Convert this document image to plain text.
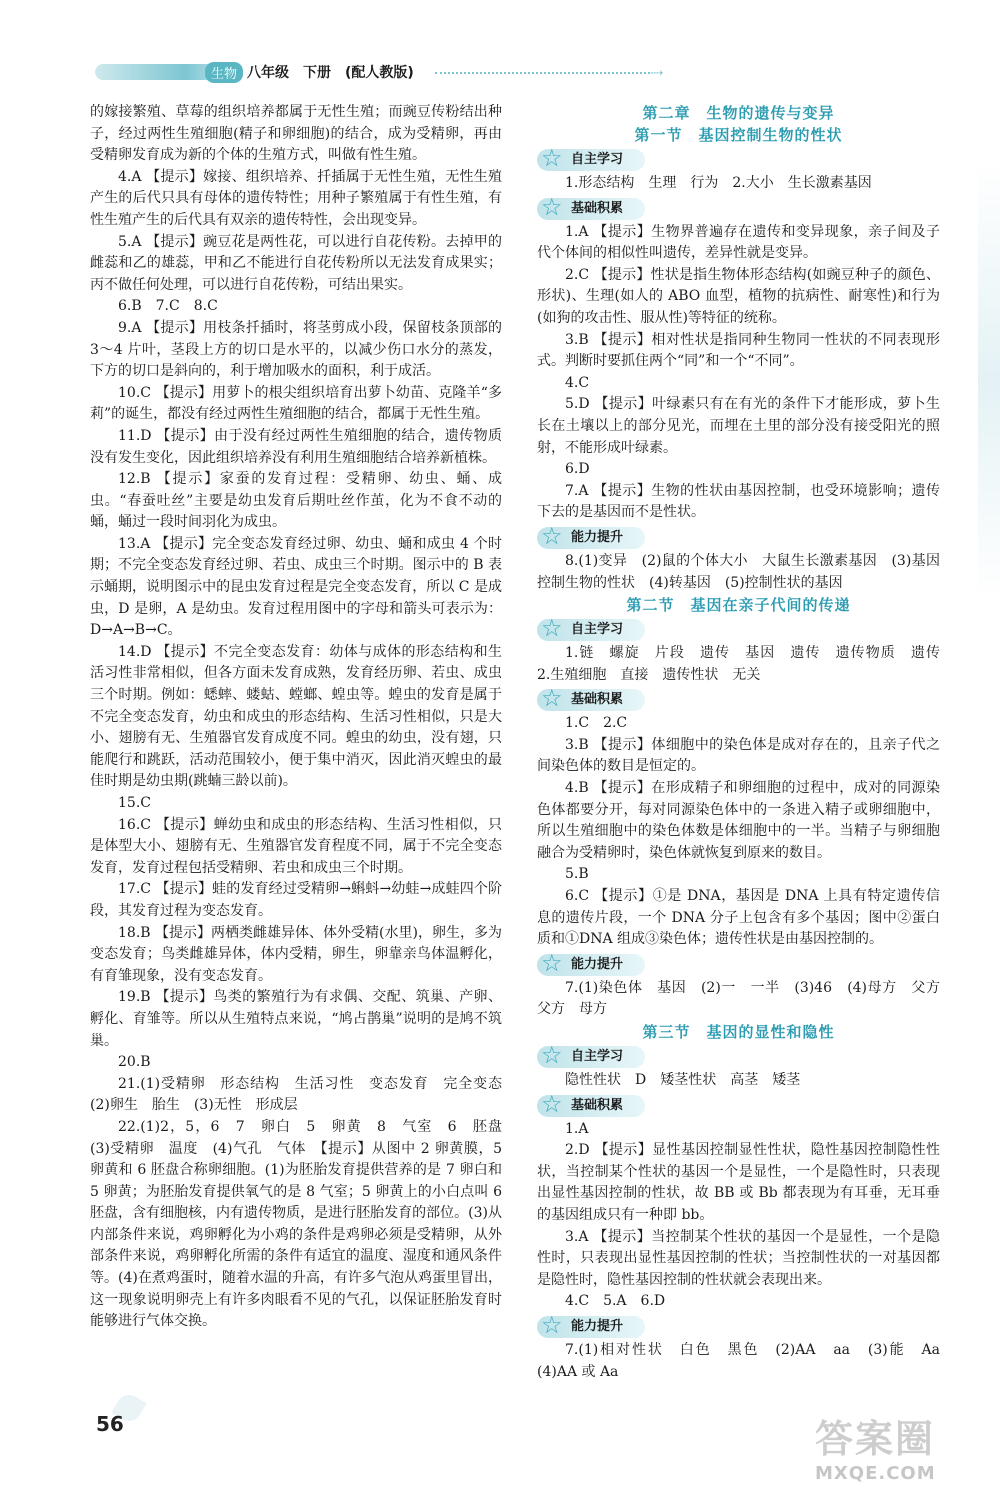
生物 八年级　下册　(配人教版)	⇢

的嫁接繁殖、草莓的组织培养都属于无性生殖；而豌豆传粉结出种子，经过两性生殖细胞(精子和卵细胞)的结合，成为受精卵，再由受精卵发育成为新的个体的生殖方式，叫做有性生殖。

4.A 【提示】嫁接、组织培养、扦插属于无性生殖，无性生殖产生的后代只具有母体的遗传特性；用种子繁殖属于有性生殖，有性生殖产生的后代具有双亲的遗传特性，会出现变异。

5.A 【提示】豌豆花是两性花，可以进行自花传粉。去掉甲的雌蕊和乙的雄蕊，甲和乙不能进行自花传粉所以无法发育成果实；丙不做任何处理，可以进行自花传粉，可结出果实。

6.B　7.C　8.C

9.A 【提示】用枝条扦插时，将茎剪成小段，保留枝条顶部的 3～4 片叶，茎段上方的切口是水平的，以减少伤口水分的蒸发，下方的切口是斜向的，利于增加吸水的面积，利于成活。

10.C 【提示】用萝卜的根尖组织培育出萝卜幼苗、克隆羊“多莉”的诞生，都没有经过两性生殖细胞的结合，都属于无性生殖。

11.D 【提示】由于没有经过两性生殖细胞的结合，遗传物质没有发生变化，因此组织培养没有利用生殖细胞结合培养新植株。

12.B 【提示】家蚕的发育过程：受精卵、幼虫、蛹、成虫。“春蚕吐丝”主要是幼虫发育后期吐丝作茧，化为不食不动的蛹，蛹过一段时间羽化为成虫。

13.A 【提示】完全变态发育经过卵、幼虫、蛹和成虫 4 个时期；不完全变态发育经过卵、若虫、成虫三个时期。图示中的 B 表示蛹期，说明图示中的昆虫发育过程是完全变态发育，所以 C 是成虫，D 是卵，A 是幼虫。发育过程用图中的字母和箭头可表示为：D→A→B→C。

14.D 【提示】不完全变态发育：幼体与成体的形态结构和生活习性非常相似，但各方面未发育成熟，发育经历卵、若虫、成虫三个时期。例如：蟋蟀、蝼蛄、螳螂、蝗虫等。蝗虫的发育是属于不完全变态发育，幼虫和成虫的形态结构、生活习性相似，只是大小、翅膀有无、生殖器官发育成度不同。蝗虫的幼虫，没有翅，只能爬行和跳跃，活动范围较小，便于集中消灭，因此消灭蝗虫的最佳时期是幼虫期(跳蝻三龄以前)。

15.C

16.C 【提示】蝉幼虫和成虫的形态结构、生活习性相似，只是体型大小、翅膀有无、生殖器官发育程度不同，属于不完全变态发育，发育过程包括受精卵、若虫和成虫三个时期。

17.C 【提示】蛙的发育经过受精卵→蝌蚪→幼蛙→成蛙四个阶段，其发育过程为变态发育。

18.B 【提示】两栖类雌雄异体、体外受精(水里)，卵生，多为变态发育；鸟类雌雄异体，体内受精，卵生，卵靠亲鸟体温孵化，有育雏现象，没有变态发育。

19.B 【提示】鸟类的繁殖行为有求偶、交配、筑巢、产卵、孵化、育雏等。所以从生殖特点来说，“鸠占鹊巢”说明的是鸠不筑巢。

20.B

21.(1)受精卵　形态结构　生活习性　变态发育　完全变态　(2)卵生　胎生　(3)无性　形成层

22.(1)2，5，6　7　卵白　5　卵黄　8　气室　6　胚盘　(3)受精卵　温度　(4)气孔　气体　【提示】从图中 2 卵黄膜，5 卵黄和 6 胚盘合称卵细胞。(1)为胚胎发育提供营养的是 7 卵白和 5 卵黄；为胚胎发育提供氧气的是 8 气室；5 卵黄上的小白点叫 6 胚盘，含有细胞核，内有遗传物质，是进行胚胎发育的部位。(3)从内部条件来说，鸡卵孵化为小鸡的条件是鸡卵必须是受精卵，从外部条件来说，鸡卵孵化所需的条件有适宜的温度、湿度和通风条件等。(4)在煮鸡蛋时，随着水温的升高，有许多气泡从鸡蛋里冒出，这一现象说明卵壳上有许多肉眼看不见的气孔，以保证胚胎发育时能够进行气体交换。

第二章　生物的遗传与变异
第一节　基因控制生物的性状
☆ 自主学习

1.形态结构　生理　行为　2.大小　生长激素基因

☆ 基础积累

1.A 【提示】生物界普遍存在遗传和变异现象，亲子间及子代个体间的相似性叫遗传，差异性就是变异。

2.C 【提示】性状是指生物体形态结构(如豌豆种子的颜色、形状)、生理(如人的 ABO 血型，植物的抗病性、耐寒性)和行为(如狗的攻击性、服从性)等特征的统称。

3.B 【提示】相对性状是指同种生物同一性状的不同表现形式。判断时要抓住两个“同”和一个“不同”。

4.C

5.D 【提示】叶绿素只有在有光的条件下才能形成，萝卜生长在土壤以上的部分见光，而埋在土里的部分没有接受阳光的照射，不能形成叶绿素。

6.D

7.A 【提示】生物的性状由基因控制，也受环境影响；遗传下去的是基因而不是性状。

☆ 能力提升

8.(1)变异　(2)鼠的个体大小　大鼠生长激素基因　(3)基因控制生物的性状　(4)转基因　(5)控制性状的基因

第二节　基因在亲子代间的传递
☆ 自主学习

1.链　螺旋　片段　遗传　基因　遗传　遗传物质　遗传　2.生殖细胞　直接　遗传性状　无关

☆ 基础积累

1.C　2.C

3.B 【提示】体细胞中的染色体是成对存在的，且亲子代之间染色体的数目是恒定的。

4.B 【提示】在形成精子和卵细胞的过程中，成对的同源染色体都要分开，每对同源染色体中的一条进入精子或卵细胞中，所以生殖细胞中的染色体数是体细胞中的一半。当精子与卵细胞融合为受精卵时，染色体就恢复到原来的数目。

5.B

6.C 【提示】①是 DNA，基因是 DNA 上具有特定遗传信息的遗传片段，一个 DNA 分子上包含有多个基因；图中②蛋白质和①DNA 组成③染色体；遗传性状是由基因控制的。

☆ 能力提升

7.(1)染色体　基因　(2)一　一半　(3)46　(4)母方　父方　父方　母方

第三节　基因的显性和隐性
☆ 自主学习

隐性性状　D　矮茎性状　高茎　矮茎

☆ 基础积累

1.A

2.D 【提示】显性基因控制显性性状，隐性基因控制隐性性状，当控制某个性状的基因一个是显性，一个是隐性时，只表现出显性基因控制的性状，故 BB 或 Bb 都表现为有耳垂，无耳垂的基因组成只有一种即 bb。

3.A 【提示】当控制某个性状的基因一个是显性，一个是隐性时，只表现出显性基因控制的性状；当控制性状的一对基因都是隐性时，隐性基因控制的性状就会表现出来。

4.C　5.A　6.D

☆ 能力提升

7.(1)相对性状　白色　黑色　(2)AA　aa　(3)能　Aa　(4)AA 或 Aa

56	答案圈
MXQE.COM
